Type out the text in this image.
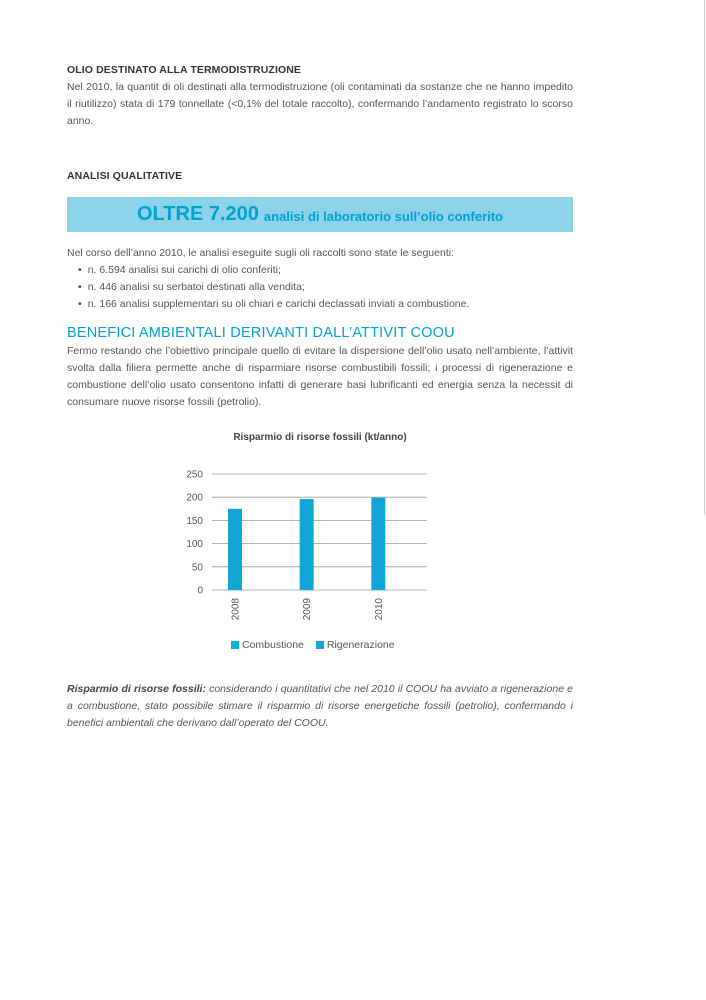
OLIO DESTINATO ALLA TERMODISTRUZIONE

Nel 2010, la quantit di oli destinati alla termodistruzione (oli contaminati da sostanze che ne hanno impedito il riutilizzo) stata di 179 tonnellate (<0,1% del totale raccolto), confermando l’andamento registrato lo scorso anno.

ANALISI QUALITATIVE
OLTRE 7.200 analisi di laboratorio sull’olio conferito

Nel corso dell’anno 2010, le analisi eseguite sugli oli raccolti sono state le seguenti:

• n. 6.594 analisi sui carichi di olio conferiti;
• n. 446 analisi su serbatoi destinati alla vendita;
• n. 166 analisi supplementari su oli chiari e carichi declassati inviati a combustione.
BENEFICI AMBIENTALI DERIVANTI DALL’ATTIVIT COOU

Fermo restando che l’obiettivo principale quello di evitare la dispersione dell’olio usato nell’ambiente, l’attivit svolta dalla filiera permette anche di risparmiare risorse combustibili fossili; i processi di rigenerazione e combustione dell’olio usato consentono infatti di generare basi lubrificanti ed energia senza la necessit di consumare nuove risorse fossili (petrolio).

Risparmio di risorse fossili (kt/anno)
250
200
150
100
50
0
2008	2009	2010
Combustione Rigenerazione
Risparmio di risorse fossili: considerando i quantitativi che nel 2010 il COOU ha avviato a rigenerazione e a combustione, stato possibile stimare il risparmio di risorse energetiche fossili (petrolio), confermando i benefici ambientali che derivano dall’operato del COOU.
